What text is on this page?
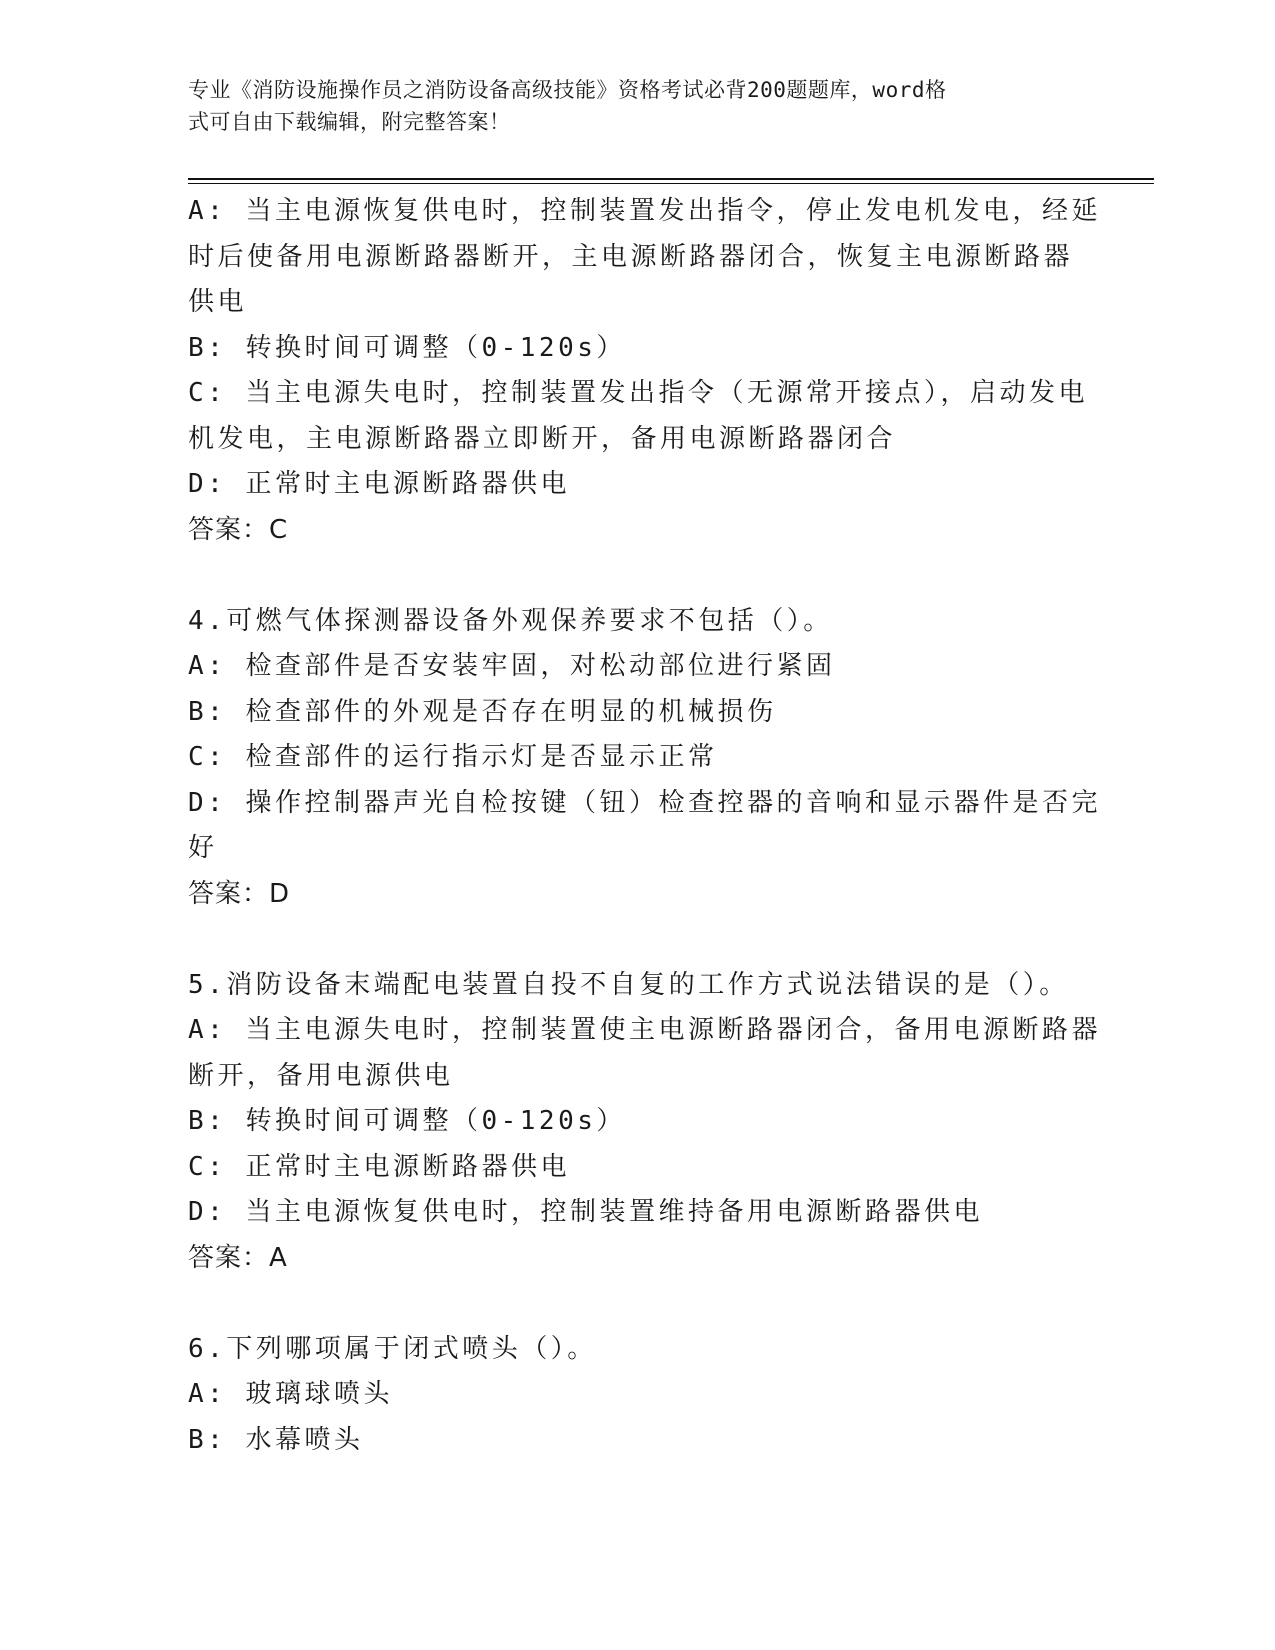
专业《消防设施操作员之消防设备高级技能》资格考试必背200题题库，word格
式可自由下载编辑，附完整答案！
A: 当主电源恢复供电时，控制装置发出指令，停止发电机发电，经延
时后使备用电源断路器断开，主电源断路器闭合，恢复主电源断路器
供电
B: 转换时间可调整（0-120s）
C: 当主电源失电时，控制装置发出指令（无源常开接点），启动发电
机发电，主电源断路器立即断开，备用电源断路器闭合
D: 正常时主电源断路器供电
答案：C
4.可燃气体探测器设备外观保养要求不包括（）。
A: 检查部件是否安装牢固，对松动部位进行紧固
B: 检查部件的外观是否存在明显的机械损伤
C: 检查部件的运行指示灯是否显示正常
D: 操作控制器声光自检按键（钮）检查控器的音响和显示器件是否完
好
答案：D
5.消防设备末端配电装置自投不自复的工作方式说法错误的是（）。
A: 当主电源失电时，控制装置使主电源断路器闭合，备用电源断路器
断开，备用电源供电
B: 转换时间可调整（0-120s）
C: 正常时主电源断路器供电
D: 当主电源恢复供电时，控制装置维持备用电源断路器供电
答案：A
6.下列哪项属于闭式喷头（）。
A: 玻璃球喷头
B: 水幕喷头
